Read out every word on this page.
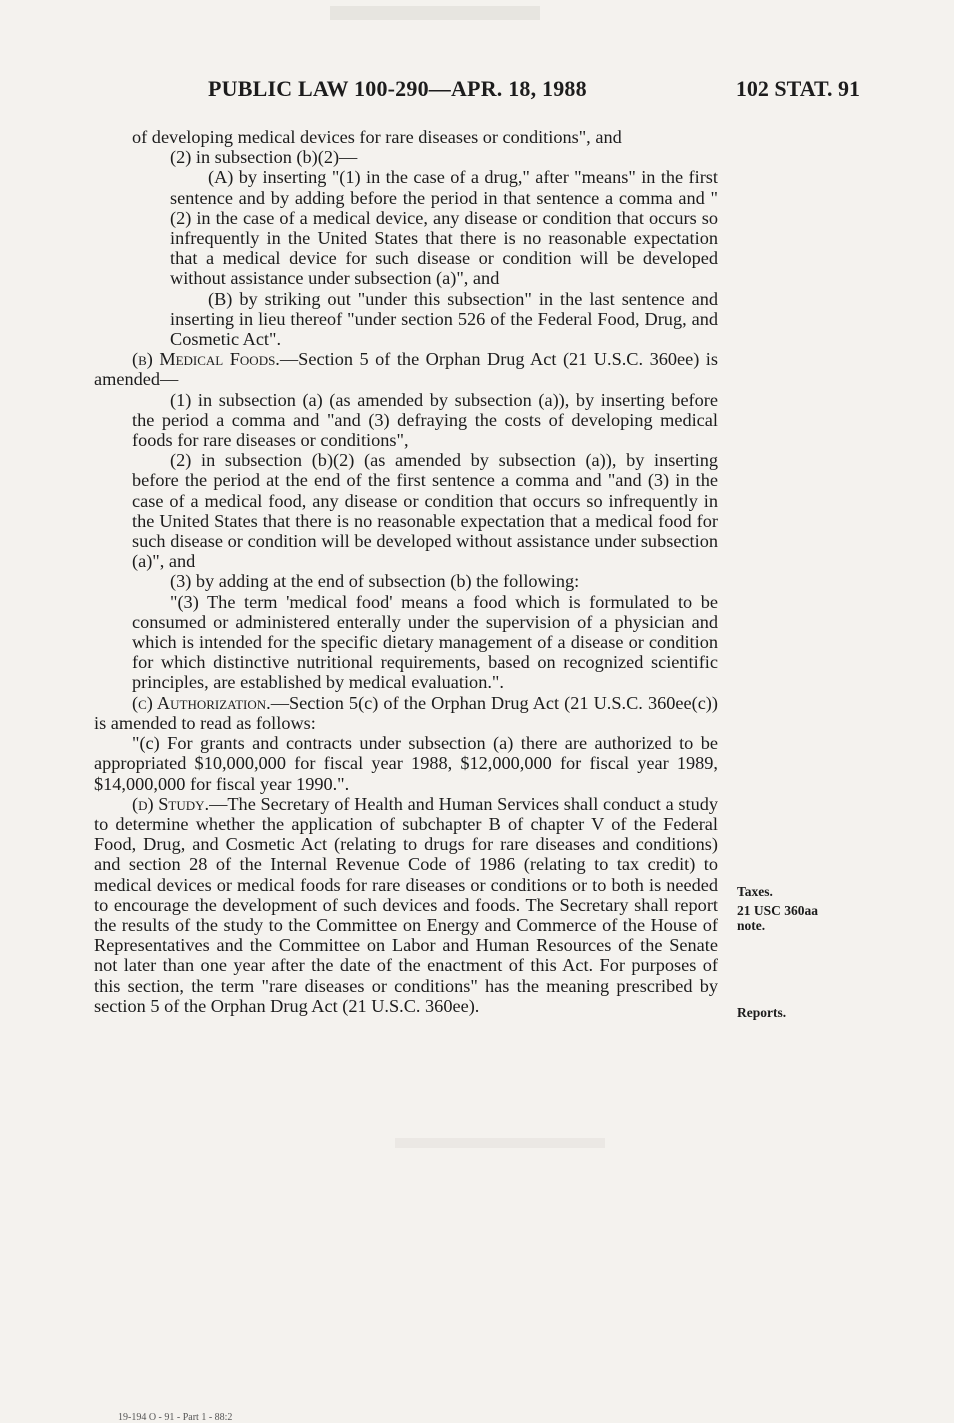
PUBLIC LAW 100-290—APR. 18, 1988	102 STAT. 91

of developing medical devices for rare diseases or conditions", and

(2) in subsection (b)(2)—

(A) by inserting "(1) in the case of a drug," after "means" in the first sentence and by adding before the period in that sentence a comma and "(2) in the case of a medical device, any disease or condition that occurs so infrequently in the United States that there is no reasonable expectation that a medical device for such disease or condition will be developed without assistance under subsection (a)", and

(B) by striking out "under this subsection" in the last sentence and inserting in lieu thereof "under section 526 of the Federal Food, Drug, and Cosmetic Act".

(b) Medical Foods.—Section 5 of the Orphan Drug Act (21 U.S.C. 360ee) is amended—

(1) in subsection (a) (as amended by subsection (a)), by inserting before the period a comma and "and (3) defraying the costs of developing medical foods for rare diseases or conditions",

(2) in subsection (b)(2) (as amended by subsection (a)), by inserting before the period at the end of the first sentence a comma and "and (3) in the case of a medical food, any disease or condition that occurs so infrequently in the United States that there is no reasonable expectation that a medical food for such disease or condition will be developed without assistance under subsection (a)", and

(3) by adding at the end of subsection (b) the following:

"(3) The term 'medical food' means a food which is formulated to be consumed or administered enterally under the supervision of a physician and which is intended for the specific dietary management of a disease or condition for which distinctive nutritional requirements, based on recognized scientific principles, are established by medical evaluation.".

(c) Authorization.—Section 5(c) of the Orphan Drug Act (21 U.S.C. 360ee(c)) is amended to read as follows:

"(c) For grants and contracts under subsection (a) there are authorized to be appropriated $10,000,000 for fiscal year 1988, $12,000,000 for fiscal year 1989, $14,000,000 for fiscal year 1990.".

(d) Study.—The Secretary of Health and Human Services shall conduct a study to determine whether the application of subchapter B of chapter V of the Federal Food, Drug, and Cosmetic Act (relating to drugs for rare diseases and conditions) and section 28 of the Internal Revenue Code of 1986 (relating to tax credit) to medical devices or medical foods for rare diseases or conditions or to both is needed to encourage the development of such devices and foods. The Secretary shall report the results of the study to the Committee on Energy and Commerce of the House of Representatives and the Committee on Labor and Human Resources of the Senate not later than one year after the date of the enactment of this Act. For purposes of this section, the term "rare diseases or conditions" has the meaning prescribed by section 5 of the Orphan Drug Act (21 U.S.C. 360ee).

Taxes.
21 USC 360aa note.
Reports.
19-194 O - 91 - Part 1 - 88:2
